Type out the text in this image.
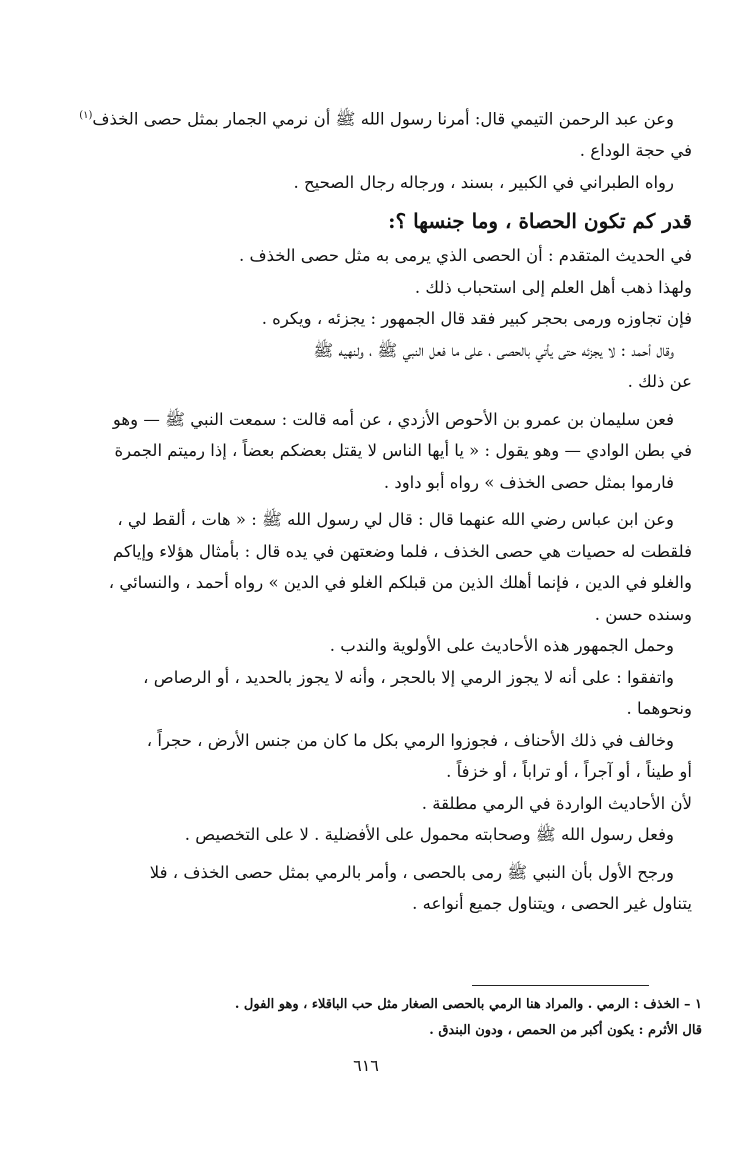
وعن عبد الرحمن التيمي قال: أمرنا رسول الله ﷺ أن نرمي الجمار بمثل حصى الخذف$^{(١)}$

في حجة الوداع .

رواه الطبراني في الكبير ، بسند ، ورجاله رجال الصحيح .

قدر كم تكون الحصاة ، وما جنسها ؟:

في الحديث المتقدم : أن الحصى الذي يرمى به مثل حصى الخذف .

ولهذا ذهب أهل العلم إلى استحباب ذلك .

فإن تجاوزه ورمى بحجر كبير فقد قال الجمهور : يجزئه ، ويكره .

وقال أحمد : لا يجزئه حتى يأتي بالحصى ، على ما فعل النبي ﷺ ، ولنهيه ﷺ

عن ذلك .

فعن سليمان بن عمرو بن الأحوص الأزدي ، عن أمه قالت : سمعت النبي ﷺ — وهو

في بطن الوادي — وهو يقول : « يا أيها الناس لا يقتل بعضكم بعضاً ، إذا رميتم الجمرة

فارموا بمثل حصى الخذف » رواه أبو داود .

وعن ابن عباس رضي الله عنهما قال : قال لي رسول الله ﷺ : « هات ، ألقط لي ،

فلقطت له حصيات هي حصى الخذف ، فلما وضعتهن في يده قال : بأمثال هؤلاء وإياكم

والغلو في الدين ، فإنما أهلك الذين من قبلكم الغلو في الدين » رواه أحمد ، والنسائي ،

وسنده حسن .

وحمل الجمهور هذه الأحاديث على الأولوية والندب .

واتفقوا : على أنه لا يجوز الرمي إلا بالحجر ، وأنه لا يجوز بالحديد ، أو الرصاص ،

ونحوهما .

وخالف في ذلك الأحناف ، فجوزوا الرمي بكل ما كان من جنس الأرض ، حجراً ،

أو طيناً ، أو آجراً ، أو تراباً ، أو خزفاً .

لأن الأحاديث الواردة في الرمي مطلقة .

وفعل رسول الله ﷺ وصحابته محمول على الأفضلية . لا على التخصيص .

ورجح الأول بأن النبي ﷺ رمى بالحصى ، وأمر بالرمي بمثل حصى الخذف ، فلا

يتناول غير الحصى ، ويتناول جميع أنواعه .

١ – الخذف : الرمي . والمراد هنا الرمي بالحصى الصغار مثل حب الباقلاء ، وهو الفول .

قال الأثرم : يكون أكبر من الحمص ، ودون البندق .

٦١٦
